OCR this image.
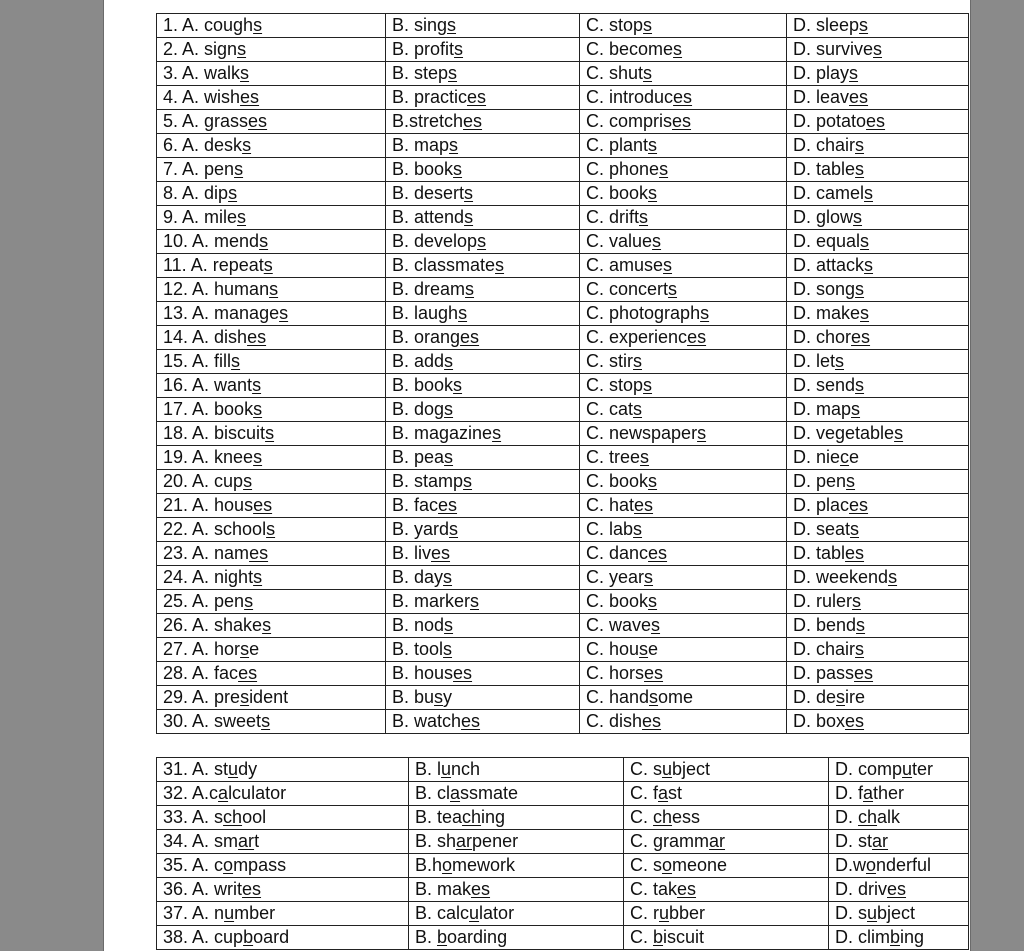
1. A. coughs	B. sings	C. stops	D. sleeps
2. A. signs	B. profits	C. becomes	D. survives
3. A. walks	B. steps	C. shuts	D. plays
4. A. wishes	B. practices	C. introduces	D. leaves
5. A. grasses	B.stretches	C. comprises	D. potatoes
6. A. desks	B. maps	C. plants	D. chairs
7. A. pens	B. books	C. phones	D. tables
8. A. dips	B. deserts	C. books	D. camels
9. A. miles	B. attends	C. drifts	D. glows
10. A. mends	B. develops	C. values	D. equals
11. A. repeats	B. classmates	C. amuses	D. attacks
12. A. humans	B. dreams	C. concerts	D. songs
13. A. manages	B. laughs	C. photographs	D. makes
14. A. dishes	B. oranges	C. experiences	D. chores
15. A. fills	B. adds	C. stirs	D. lets
16. A. wants	B. books	C. stops	D. sends
17. A. books	B. dogs	C. cats	D. maps
18. A. biscuits	B. magazines	C. newspapers	D. vegetables
19. A. knees	B. peas	C. trees	D. niece
20. A. cups	B. stamps	C. books	D. pens
21. A. houses	B. faces	C. hates	D. places
22. A. schools	B. yards	C. labs	D. seats
23. A. names	B. lives	C. dances	D. tables
24. A. nights	B. days	C. years	D. weekends
25. A. pens	B. markers	C. books	D. rulers
26. A. shakes	B. nods	C. waves	D. bends
27. A. horse	B. tools	C. house	D. chairs
28. A. faces	B. houses	C. horses	D. passes
29. A. president	B. busy	C. handsome	D. desire
30. A. sweets	B. watches	C. dishes	D. boxes
31. A. study	B. lunch	C. subject	D. computer
32. A.calculator	B. classmate	C. fast	D. father
33. A. school	B. teaching	C. chess	D. chalk
34. A. smart	B. sharpener	C. grammar	D. star
35. A. compass	B.homework	C. someone	D.wonderful
36. A. writes	B. makes	C. takes	D. drives
37. A. number	B. calculator	C. rubber	D. subject
38. A. cupboard	B. boarding	C. biscuit	D. climbing
